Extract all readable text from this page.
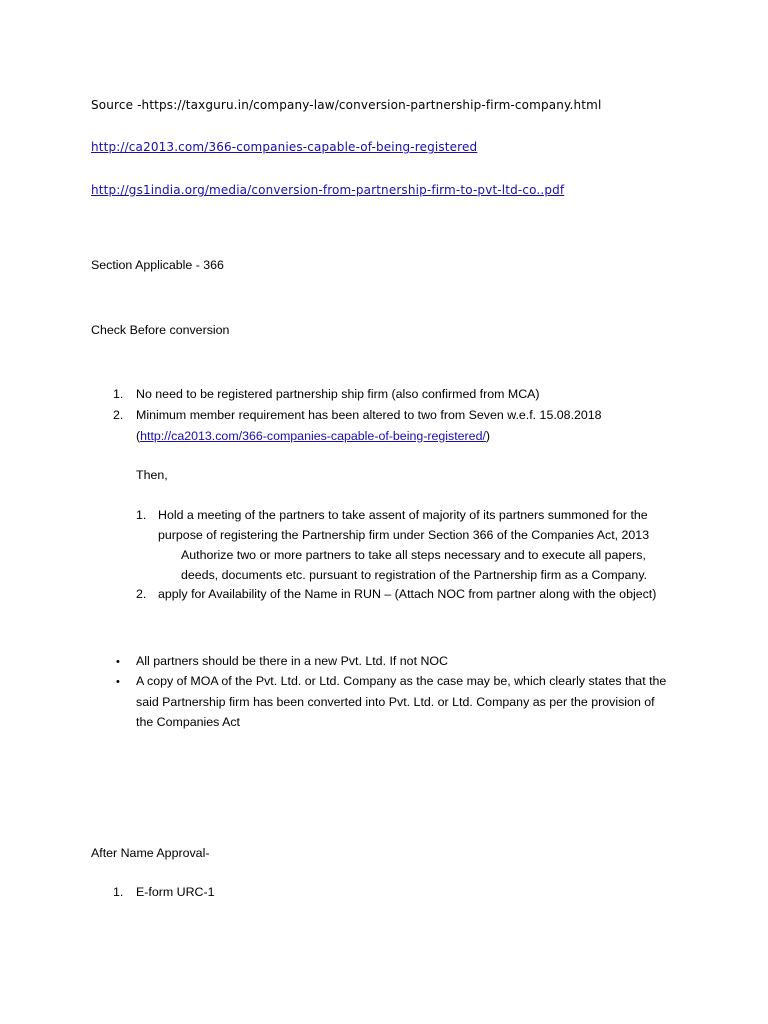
Source -https://taxguru.in/company-law/conversion-partnership-firm-company.html
http://ca2013.com/366-companies-capable-of-being-registered
http://gs1india.org/media/conversion-from-partnership-firm-to-pvt-ltd-co..pdf
Section Applicable - 366
Check Before conversion
1. No need to be registered partnership ship firm (also confirmed from MCA)
2. Minimum member requirement has been altered to two from Seven w.e.f. 15.08.2018
(http://ca2013.com/366-companies-capable-of-being-registered/)
Then,
1. Hold a meeting of the partners to take assent of majority of its partners summoned for the
purpose of registering the Partnership firm under Section 366 of the Companies Act, 2013
Authorize two or more partners to take all steps necessary and to execute all papers,
deeds, documents etc. pursuant to registration of the Partnership firm as a Company.
2. apply for Availability of the Name in RUN – (Attach NOC from partner along with the object)
• All partners should be there in a new Pvt. Ltd. If not NOC
• A copy of MOA of the Pvt. Ltd. or Ltd. Company as the case may be, which clearly states that the
said Partnership firm has been converted into Pvt. Ltd. or Ltd. Company as per the provision of
the Companies Act
After Name Approval-
1. E-form URC-1
